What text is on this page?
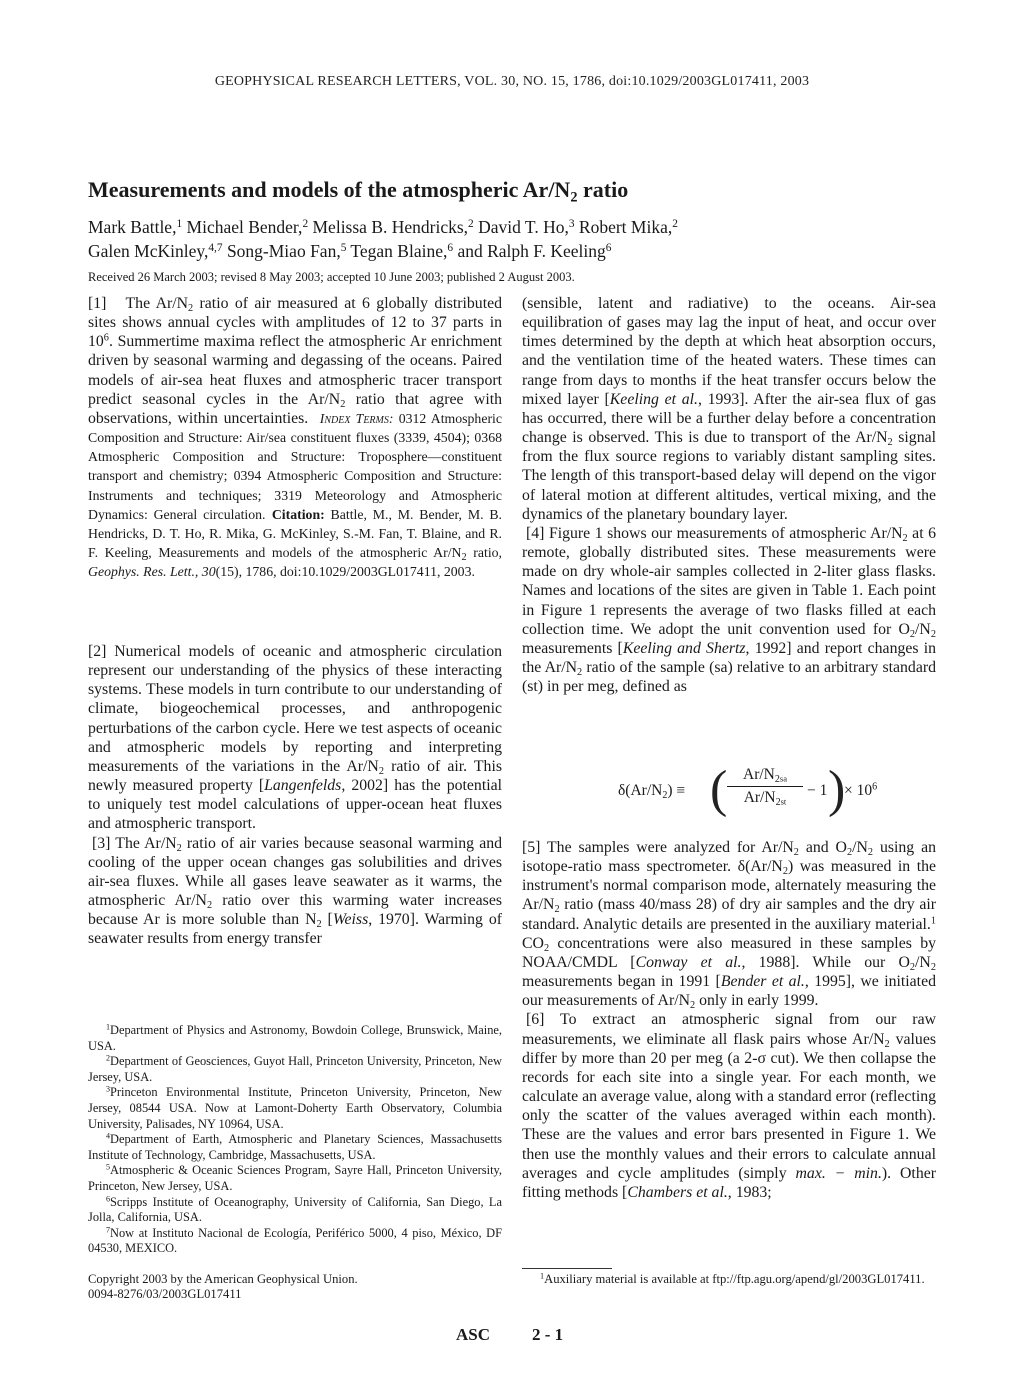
GEOPHYSICAL RESEARCH LETTERS, VOL. 30, NO. 15, 1786, doi:10.1029/2003GL017411, 2003
Measurements and models of the atmospheric $Ar/N_2$ ratio
Mark Battle,$^1$ Michael Bender,$^2$ Melissa B. Hendricks,$^2$ David T. Ho,$^3$ Robert Mika,$^2$
Galen McKinley,$^{4,7}$ Song-Miao Fan,$^5$ Tegan Blaine,$^6$ and Ralph F. Keeling$^6$
Received 26 March 2003; revised 8 May 2003; accepted 10 June 2003; published 2 August 2003.

[1] The $Ar/N_2$ ratio of air measured at 6 globally distributed sites shows annual cycles with amplitudes of 12 to 37 parts in $10^6$. Summertime maxima reflect the atmospheric Ar enrichment driven by seasonal warming and degassing of the oceans. Paired models of air-sea heat fluxes and atmospheric tracer transport predict seasonal cycles in the $Ar/N_2$ ratio that agree with observations, within uncertainties. Index Terms: 0312 Atmospheric Composition and Structure: Air/sea constituent fluxes (3339, 4504); 0368 Atmospheric Composition and Structure: Troposphere—constituent transport and chemistry; 0394 Atmospheric Composition and Structure: Instruments and techniques; 3319 Meteorology and Atmospheric Dynamics: General circulation. Citation: Battle, M., M. Bender, M. B. Hendricks, D. T. Ho, R. Mika, G. McKinley, S.-M. Fan, T. Blaine, and R. F. Keeling, Measurements and models of the atmospheric $Ar/N_2$ ratio, Geophys. Res. Lett., 30(15), 1786, doi:10.1029/2003GL017411, 2003.

[2] Numerical models of oceanic and atmospheric circulation represent our understanding of the physics of these interacting systems. These models in turn contribute to our understanding of climate, biogeochemical processes, and anthropogenic perturbations of the carbon cycle. Here we test aspects of oceanic and atmospheric models by reporting and interpreting measurements of the variations in the $Ar/N_2$ ratio of air. This newly measured property [Langenfelds, 2002] has the potential to uniquely test model calculations of upper-ocean heat fluxes and atmospheric transport.

[3] The $Ar/N_2$ ratio of air varies because seasonal warming and cooling of the upper ocean changes gas solubilities and drives air-sea fluxes. While all gases leave seawater as it warms, the atmospheric $Ar/N_2$ ratio over this warming water increases because Ar is more soluble than $N_2$ [Weiss, 1970]. Warming of seawater results from energy transfer

(sensible, latent and radiative) to the oceans. Air-sea equilibration of gases may lag the input of heat, and occur over times determined by the depth at which heat absorption occurs, and the ventilation time of the heated waters. These times can range from days to months if the heat transfer occurs below the mixed layer [Keeling et al., 1993]. After the air-sea flux of gas has occurred, there will be a further delay before a concentration change is observed. This is due to transport of the $Ar/N_2$ signal from the flux source regions to variably distant sampling sites. The length of this transport-based delay will depend on the vigor of lateral motion at different altitudes, vertical mixing, and the dynamics of the planetary boundary layer.

[4] Figure 1 shows our measurements of atmospheric $Ar/N_2$ at 6 remote, globally distributed sites. These measurements were made on dry whole-air samples collected in 2-liter glass flasks. Names and locations of the sites are given in Table 1. Each point in Figure 1 represents the average of two flasks filled at each collection time. We adopt the unit convention used for $O_2/N_2$ measurements [Keeling and Shertz, 1992] and report changes in the $Ar/N_2$ ratio of the sample (sa) relative to an arbitrary standard (st) in per meg, defined as

$\delta(Ar/N_2)$ ≡ ( $\frac{Ar/N_{2sa}}{Ar/N_{2st}} - 1$ )
× $10^6$

[5] The samples were analyzed for $Ar/N_2$ and $O_2/N_2$ using an isotope-ratio mass spectrometer. $\delta(Ar/N_2)$ was measured in the instrument's normal comparison mode, alternately measuring the $Ar/N_2$ ratio (mass 40/mass 28) of dry air samples and the dry air standard. Analytic details are presented in the auxiliary material.$^1$ $CO_2$ concentrations were also measured in these samples by NOAA/CMDL [Conway et al., 1988]. While our $O_2/N_2$ measurements began in 1991 [Bender et al., 1995], we initiated our measurements of $Ar/N_2$ only in early 1999.

[6] To extract an atmospheric signal from our raw measurements, we eliminate all flask pairs whose $Ar/N_2$ values differ by more than 20 per meg (a 2-σ cut). We then collapse the records for each site into a single year. For each month, we calculate an average value, along with a standard error (reflecting only the scatter of the values averaged within each month). These are the values and error bars presented in Figure 1. We then use the monthly values and their errors to calculate annual averages and cycle amplitudes (simply max. − min.). Other fitting methods [Chambers et al., 1983;

$^1$Department of Physics and Astronomy, Bowdoin College, Brunswick, Maine, USA.
$^2$Department of Geosciences, Guyot Hall, Princeton University, Princeton, New Jersey, USA.
$^3$Princeton Environmental Institute, Princeton University, Princeton, New Jersey, 08544 USA. Now at Lamont-Doherty Earth Observatory, Columbia University, Palisades, NY 10964, USA.
$^4$Department of Earth, Atmospheric and Planetary Sciences, Massachusetts Institute of Technology, Cambridge, Massachusetts, USA.
$^5$Atmospheric & Oceanic Sciences Program, Sayre Hall, Princeton University, Princeton, New Jersey, USA.
$^6$Scripps Institute of Oceanography, University of California, San Diego, La Jolla, California, USA.
$^7$Now at Instituto Nacional de Ecología, Periférico 5000, 4 piso, México, DF 04530, MEXICO.
Copyright 2003 by the American Geophysical Union.
0094-8276/03/2003GL017411
$^1$Auxiliary material is available at ftp://ftp.agu.org/apend/gl/2003GL017411.
ASC 2 - 1
